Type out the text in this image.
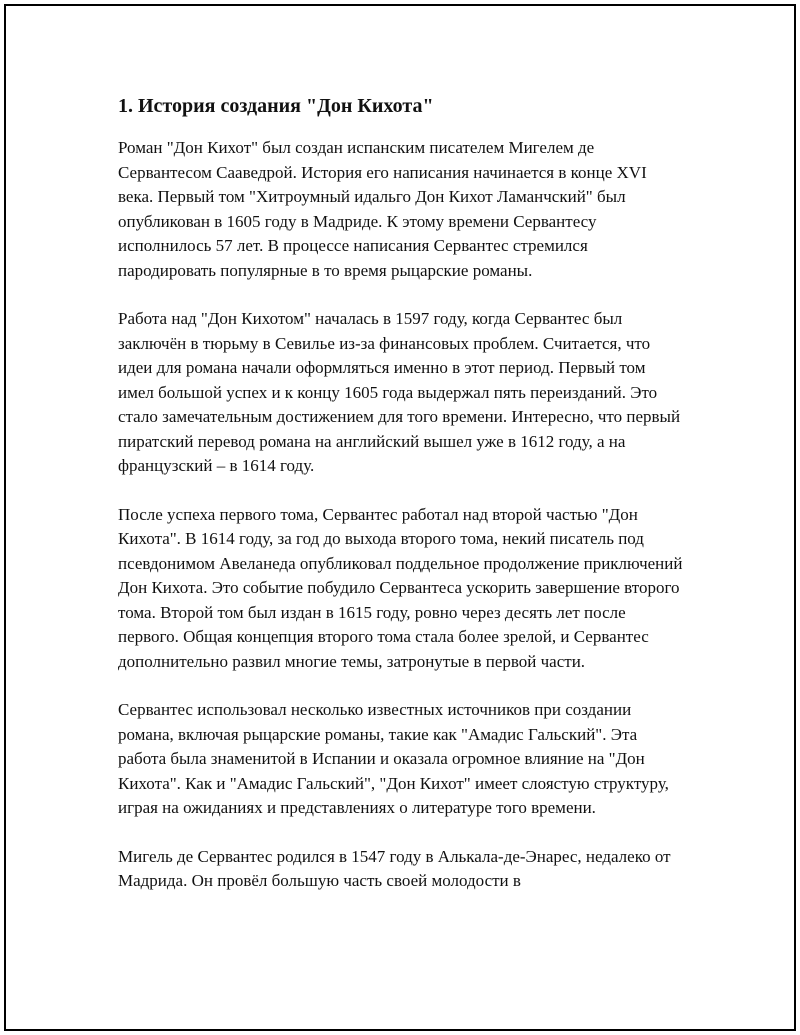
1. История создания "Дон Кихота"

Роман "Дон Кихот" был создан испанским писателем Мигелем де Сервантесом Сааведрой. История его написания начинается в конце XVI века. Первый том "Хитроумный идальго Дон Кихот Ламанчский" был опубликован в 1605 году в Мадриде. К этому времени Сервантесу исполнилось 57 лет. В процессе написания Сервантес стремился пародировать популярные в то время рыцарские романы.

Работа над "Дон Кихотом" началась в 1597 году, когда Сервантес был заключён в тюрьму в Севилье из-за финансовых проблем. Считается, что идеи для романа начали оформляться именно в этот период. Первый том имел большой успех и к концу 1605 года выдержал пять переизданий. Это стало замечательным достижением для того времени. Интересно, что первый пиратский перевод романа на английский вышел уже в 1612 году, а на французский – в 1614 году.

После успеха первого тома, Сервантес работал над второй частью "Дон Кихота". В 1614 году, за год до выхода второго тома, некий писатель под псевдонимом Авеланеда опубликовал поддельное продолжение приключений Дон Кихота. Это событие побудило Сервантеса ускорить завершение второго тома. Второй том был издан в 1615 году, ровно через десять лет после первого. Общая концепция второго тома стала более зрелой, и Сервантес дополнительно развил многие темы, затронутые в первой части.

Сервантес использовал несколько известных источников при создании романа, включая рыцарские романы, такие как "Амадис Гальский". Эта работа была знаменитой в Испании и оказала огромное влияние на "Дон Кихота". Как и "Амадис Гальский", "Дон Кихот" имеет слоястую структуру, играя на ожиданиях и представлениях о литературе того времени.

Мигель де Сервантес родился в 1547 году в Алькала-де-Энарес, недалеко от Мадрида. Он провёл большую часть своей молодости в
